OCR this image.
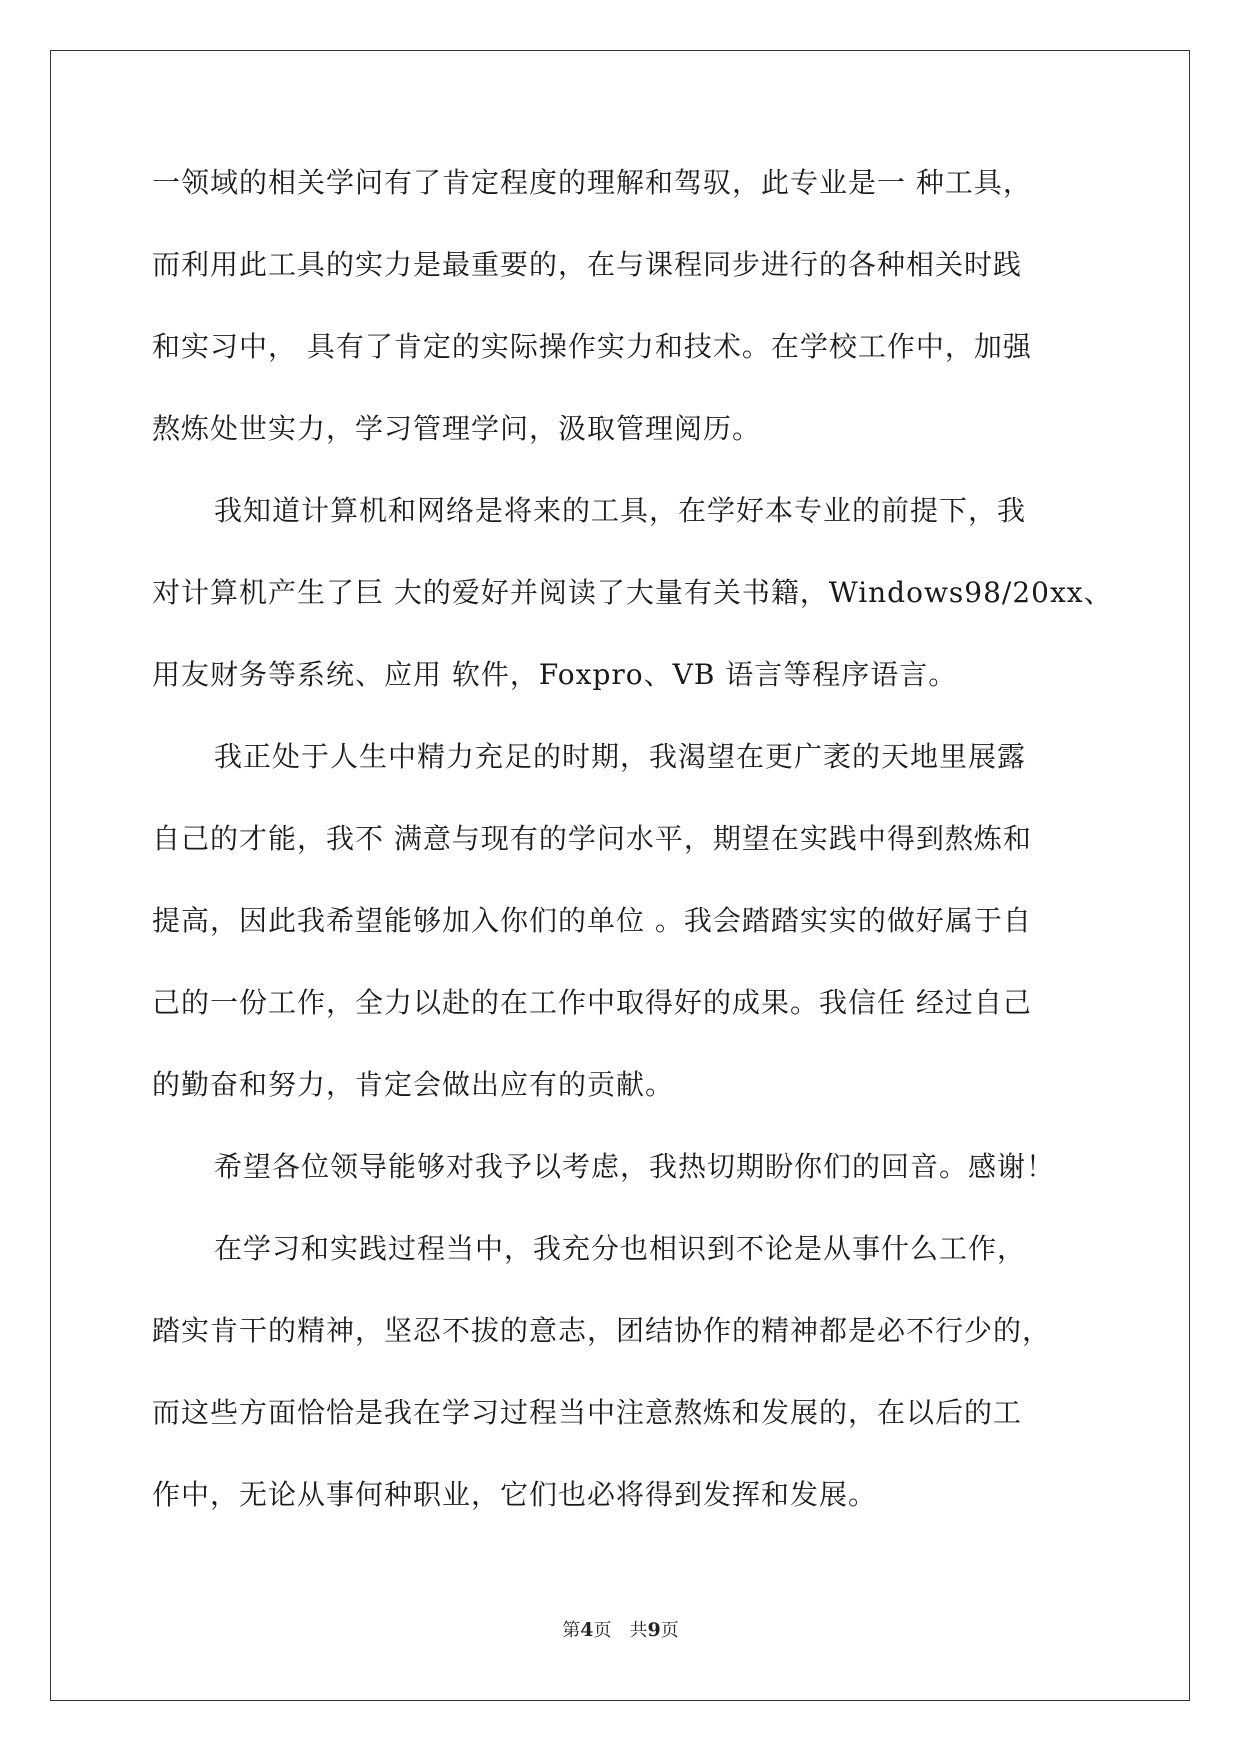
一领域的相关学问有了肯定程度的理解和驾驭，此专业是一 种工具，
而利用此工具的实力是最重要的，在与课程同步进行的各种相关时践
和实习中， 具有了肯定的实际操作实力和技术。在学校工作中，加强
熬炼处世实力，学习管理学问，汲取管理阅历。
我知道计算机和网络是将来的工具，在学好本专业的前提下，我
对计算机产生了巨 大的爱好并阅读了大量有关书籍，Windows98/20xx、
用友财务等系统、应用 软件，Foxpro、VB 语言等程序语言。
我正处于人生中精力充足的时期，我渴望在更广袤的天地里展露
自己的才能，我不 满意与现有的学问水平，期望在实践中得到熬炼和
提高，因此我希望能够加入你们的单位 。我会踏踏实实的做好属于自
己的一份工作，全力以赴的在工作中取得好的成果。我信任 经过自己
的勤奋和努力，肯定会做出应有的贡献。
希望各位领导能够对我予以考虑，我热切期盼你们的回音。感谢！
在学习和实践过程当中，我充分也相识到不论是从事什么工作，
踏实肯干的精神，坚忍不拔的意志，团结协作的精神都是必不行少的，
而这些方面恰恰是我在学习过程当中注意熬炼和发展的，在以后的工
作中，无论从事何种职业，它们也必将得到发挥和发展。
第4页　共9页
